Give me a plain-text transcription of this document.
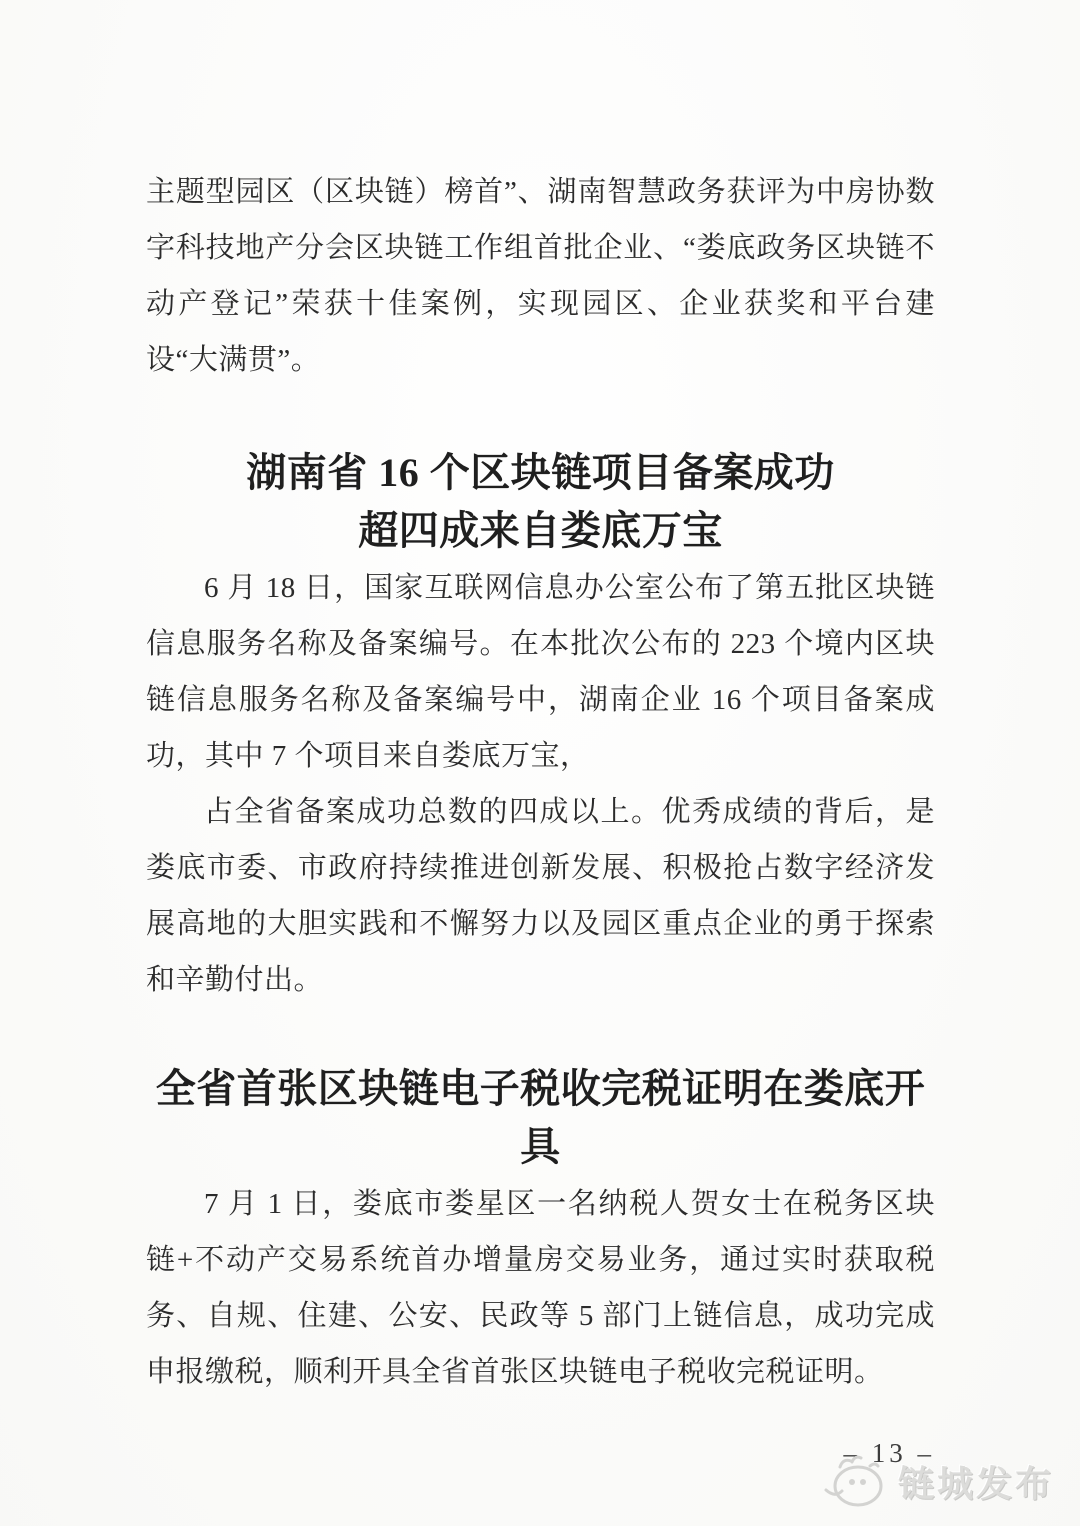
主题型园区（区块链）榜首”、湖南智慧政务获评为中房协数字科技地产分会区块链工作组首批企业、“娄底政务区块链不动产登记”荣获十佳案例，实现园区、企业获奖和平台建设“大满贯”。

湖南省 16 个区块链项目备案成功
超四成来自娄底万宝

6 月 18 日，国家互联网信息办公室公布了第五批区块链信息服务名称及备案编号。在本批次公布的 223 个境内区块链信息服务名称及备案编号中，湖南企业 16 个项目备案成功，其中 7 个项目来自娄底万宝，

占全省备案成功总数的四成以上。优秀成绩的背后，是娄底市委、市政府持续推进创新发展、积极抢占数字经济发展高地的大胆实践和不懈努力以及园区重点企业的勇于探索和辛勤付出。

全省首张区块链电子税收完税证明在娄底开具

7 月 1 日，娄底市娄星区一名纳税人贺女士在税务区块链+不动产交易系统首办增量房交易业务，通过实时获取税务、自规、住建、公安、民政等 5 部门上链信息，成功完成申报缴税，顺利开具全省首张区块链电子税收完税证明。

– 13 –
链城发布
